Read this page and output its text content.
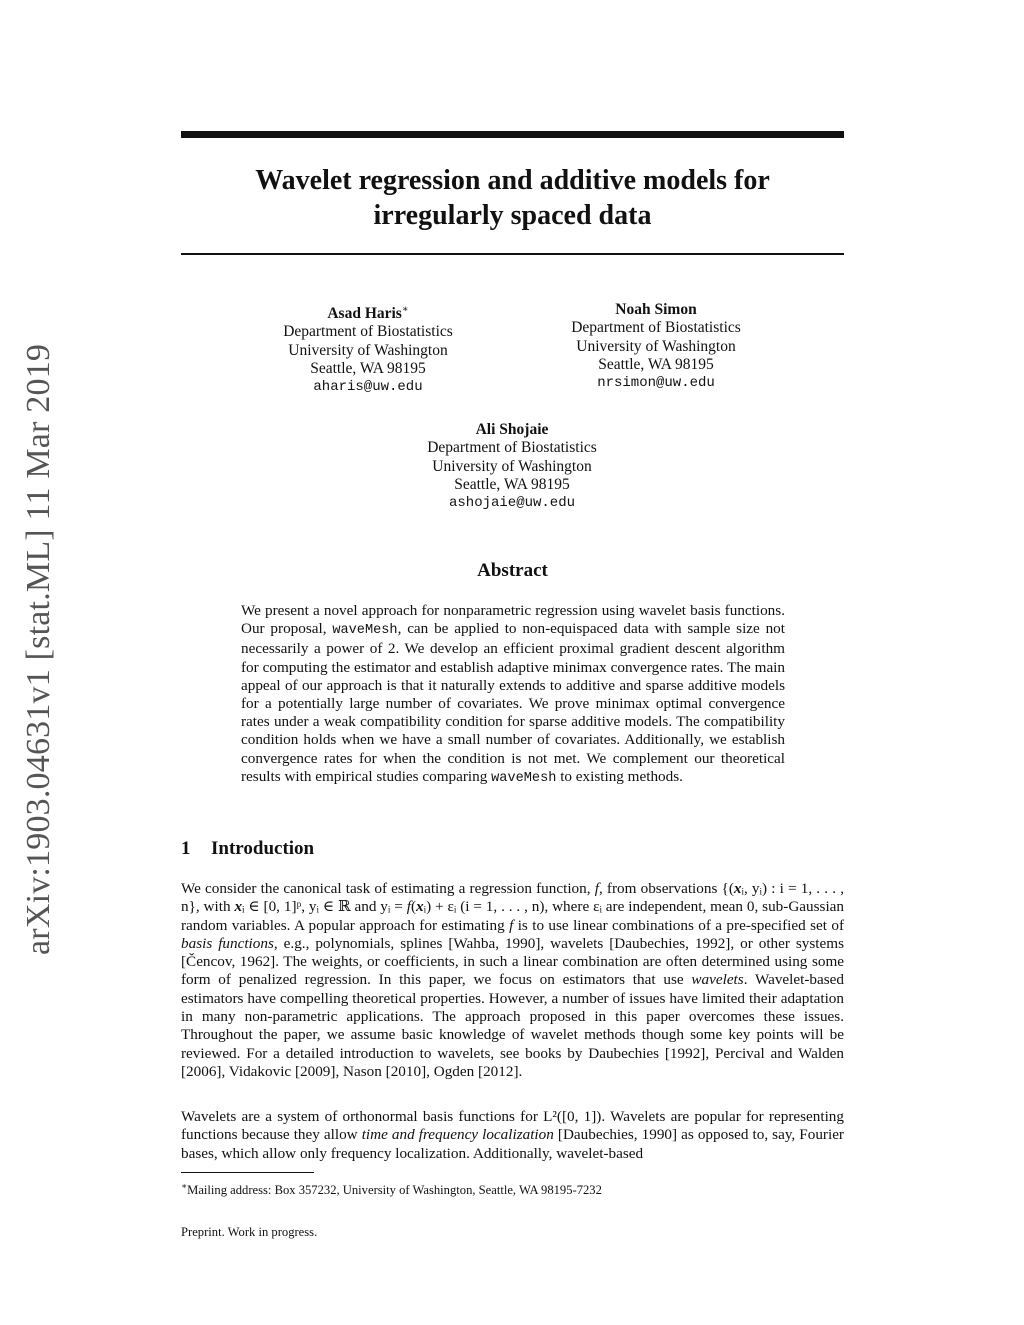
arXiv:1903.04631v1 [stat.ML] 11 Mar 2019
Wavelet regression and additive models for
irregularly spaced data
Asad Haris∗
Department of Biostatistics
University of Washington
Seattle, WA 98195
aharis@uw.edu
Noah Simon
Department of Biostatistics
University of Washington
Seattle, WA 98195
nrsimon@uw.edu
Ali Shojaie
Department of Biostatistics
University of Washington
Seattle, WA 98195
ashojaie@uw.edu
Abstract
We present a novel approach for nonparametric regression using wavelet basis functions. Our proposal, waveMesh, can be applied to non-equispaced data with sample size not necessarily a power of 2. We develop an efficient proximal gradient descent algorithm for computing the estimator and establish adaptive minimax convergence rates. The main appeal of our approach is that it naturally extends to additive and sparse additive models for a potentially large number of covariates. We prove minimax optimal convergence rates under a weak compatibility condition for sparse additive models. The compatibility condition holds when we have a small number of covariates. Additionally, we establish convergence rates for when the condition is not met. We complement our theoretical results with empirical studies comparing waveMesh to existing methods.
1 Introduction
We consider the canonical task of estimating a regression function, f, from observations {(xᵢ, yᵢ) : i = 1, . . . , n}, with xᵢ ∈ [0, 1]ᵖ, yᵢ ∈ ℝ and yᵢ = f(xᵢ) + εᵢ (i = 1, . . . , n), where εᵢ are independent, mean 0, sub-Gaussian random variables. A popular approach for estimating f is to use linear combinations of a pre-specified set of basis functions, e.g., polynomials, splines [Wahba, 1990], wavelets [Daubechies, 1992], or other systems [Čencov, 1962]. The weights, or coefficients, in such a linear combination are often determined using some form of penalized regression. In this paper, we focus on estimators that use wavelets. Wavelet-based estimators have compelling theoretical properties. However, a number of issues have limited their adaptation in many non-parametric applications. The approach proposed in this paper overcomes these issues. Throughout the paper, we assume basic knowledge of wavelet methods though some key points will be reviewed. For a detailed introduction to wavelets, see books by Daubechies [1992], Percival and Walden [2006], Vidakovic [2009], Nason [2010], Ogden [2012].
Wavelets are a system of orthonormal basis functions for L²([0, 1]). Wavelets are popular for representing functions because they allow time and frequency localization [Daubechies, 1990] as opposed to, say, Fourier bases, which allow only frequency localization. Additionally, wavelet-based
∗Mailing address: Box 357232, University of Washington, Seattle, WA 98195-7232
Preprint. Work in progress.
